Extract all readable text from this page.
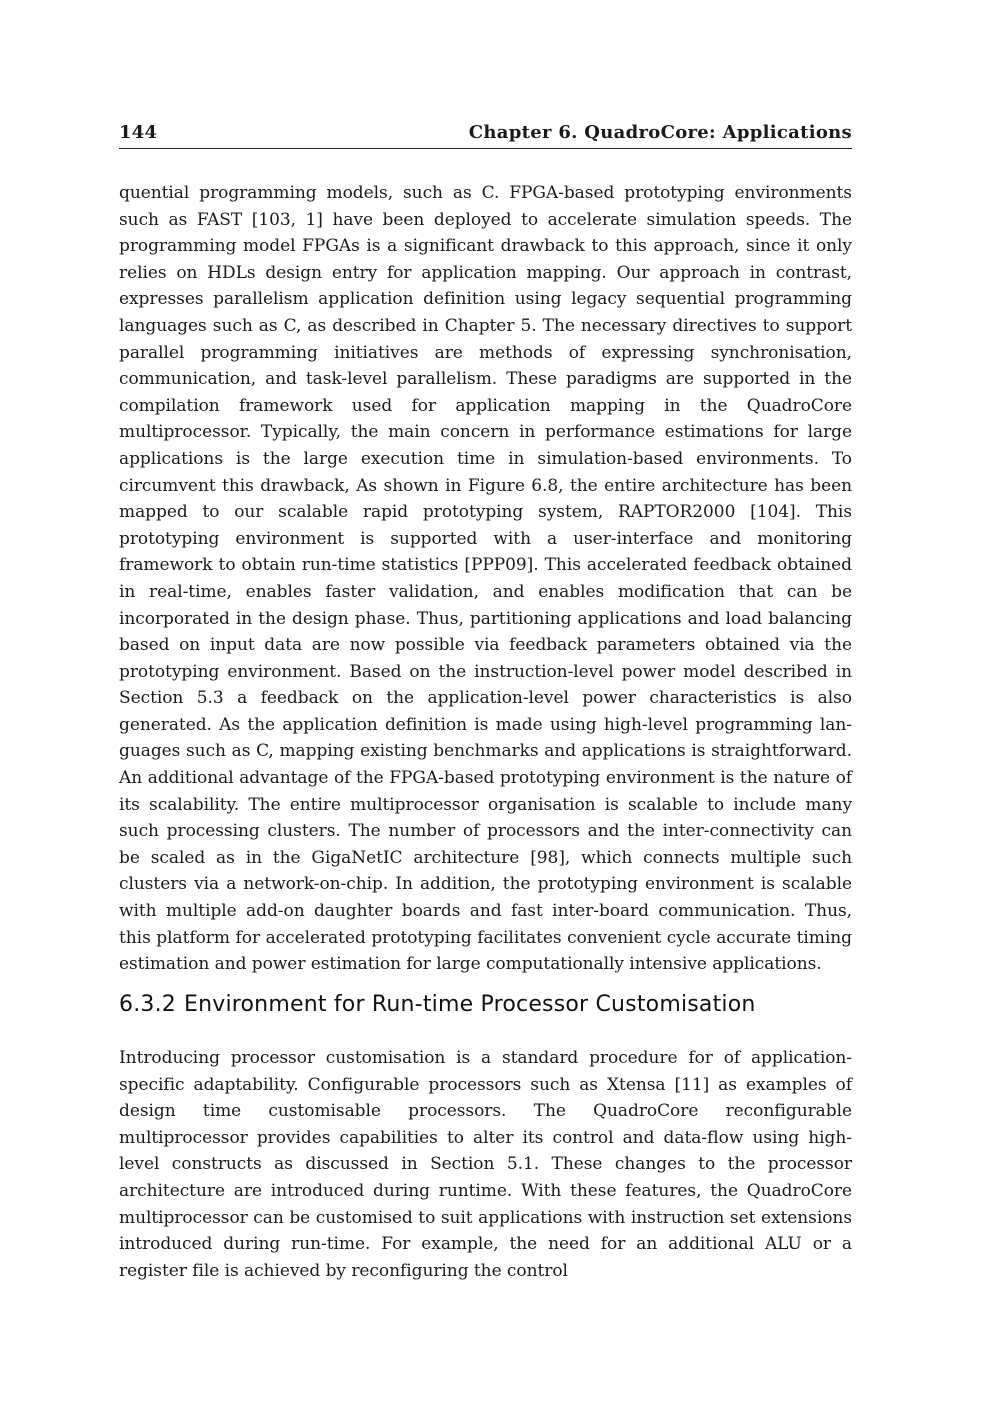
144	Chapter 6. QuadroCore: Applications

quential programming models, such as C. FPGA-based prototyping environments such as FAST [103, 1] have been deployed to accelerate simulation speeds. The programming model FPGAs is a significant drawback to this approach, since it only relies on HDLs design entry for application mapping. Our approach in contrast, expresses parallelism application definition using legacy sequential programming languages such as C, as described in Chapter 5. The necessary directives to support parallel programming initiatives are methods of expressing synchronisation, communication, and task-level parallelism. These paradigms are supported in the compilation framework used for application mapping in the QuadroCore multiprocessor. Typically, the main concern in performance estimations for large applications is the large execution time in simulation-based environments. To circumvent this drawback, As shown in Figure 6.8, the entire architecture has been mapped to our scalable rapid prototyping system, RAPTOR2000 [104]. This prototyping environment is supported with a user-interface and monitoring framework to obtain run-time statistics [PPP09]. This accelerated feedback obtained in real-time, enables faster validation, and enables modification that can be incorporated in the design phase. Thus, partitioning applications and load balancing based on input data are now possible via feedback parameters obtained via the prototyping environment. Based on the instruction-level power model described in Section 5.3 a feedback on the application-level power characteristics is also generated. As the application definition is made using high-level programming languages such as C, mapping existing benchmarks and applications is straightforward. An additional advantage of the FPGA-based prototyping environment is the nature of its scalability. The entire multiprocessor organisation is scalable to include many such processing clusters. The number of processors and the inter-connectivity can be scaled as in the GigaNetIC architecture [98], which connects multiple such clusters via a network-on-chip. In addition, the prototyping environment is scalable with multiple add-on daughter boards and fast inter-board communication. Thus, this platform for accelerated prototyping facilitates convenient cycle accurate timing estimation and power estimation for large computationally intensive applications.

6.3.2 Environment for Run-time Processor Customisation

Introducing processor customisation is a standard procedure for of application-specific adaptability. Configurable processors such as Xtensa [11] as examples of design time customisable processors. The QuadroCore reconfigurable multiprocessor provides capabilities to alter its control and data-flow using high-level constructs as discussed in Section 5.1. These changes to the processor architecture are introduced during runtime. With these features, the QuadroCore multiprocessor can be customised to suit applications with instruction set extensions introduced during run-time. For example, the need for an additional ALU or a register file is achieved by reconfiguring the control
